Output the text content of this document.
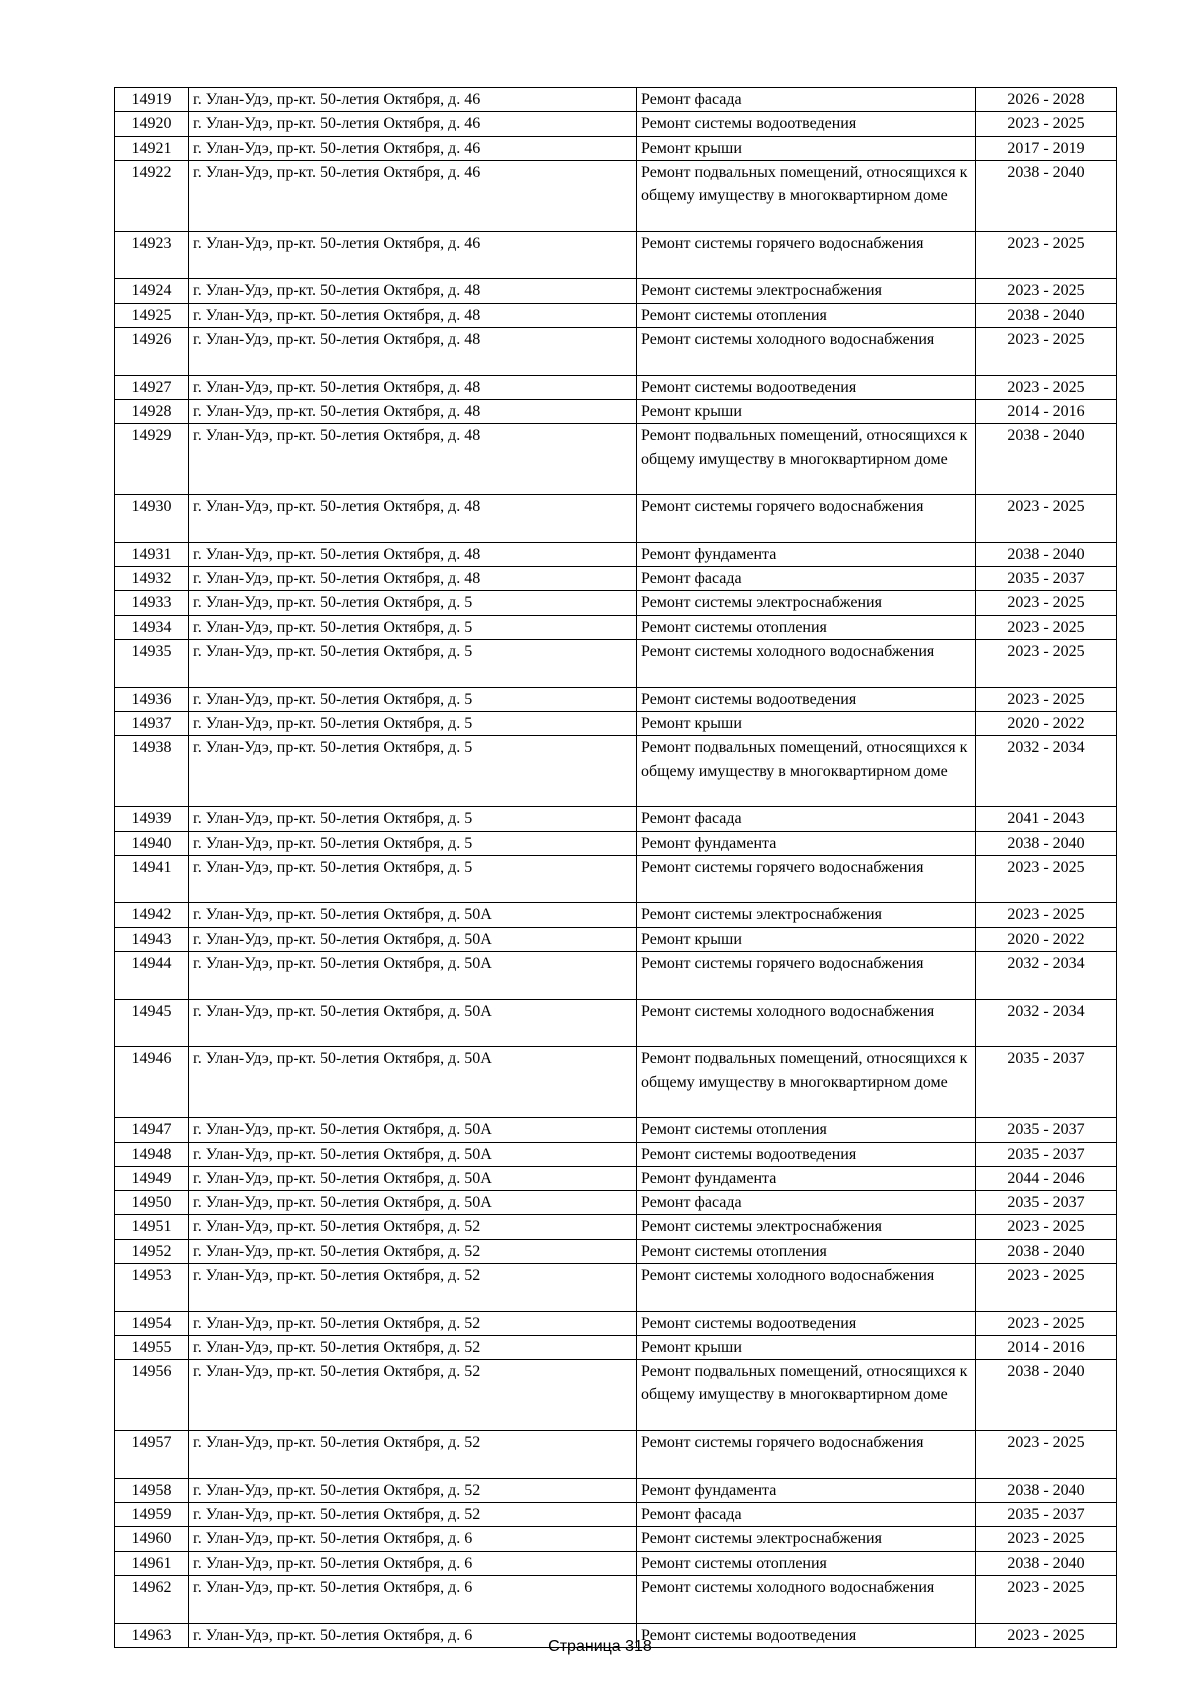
14919	г. Улан-Удэ, пр-кт. 50-летия Октября, д. 46	Ремонт фасада	2026 - 2028
14920	г. Улан-Удэ, пр-кт. 50-летия Октября, д. 46	Ремонт системы водоотведения	2023 - 2025
14921	г. Улан-Удэ, пр-кт. 50-летия Октября, д. 46	Ремонт крыши	2017 - 2019
14922	г. Улан-Удэ, пр-кт. 50-летия Октября, д. 46	Ремонт подвальных помещений, относящихся к общему имуществу в многоквартирном доме	2038 - 2040
14923	г. Улан-Удэ, пр-кт. 50-летия Октября, д. 46	Ремонт системы горячего водоснабжения	2023 - 2025
14924	г. Улан-Удэ, пр-кт. 50-летия Октября, д. 48	Ремонт системы электроснабжения	2023 - 2025
14925	г. Улан-Удэ, пр-кт. 50-летия Октября, д. 48	Ремонт системы отопления	2038 - 2040
14926	г. Улан-Удэ, пр-кт. 50-летия Октября, д. 48	Ремонт системы холодного водоснабжения	2023 - 2025
14927	г. Улан-Удэ, пр-кт. 50-летия Октября, д. 48	Ремонт системы водоотведения	2023 - 2025
14928	г. Улан-Удэ, пр-кт. 50-летия Октября, д. 48	Ремонт крыши	2014 - 2016
14929	г. Улан-Удэ, пр-кт. 50-летия Октября, д. 48	Ремонт подвальных помещений, относящихся к общему имуществу в многоквартирном доме	2038 - 2040
14930	г. Улан-Удэ, пр-кт. 50-летия Октября, д. 48	Ремонт системы горячего водоснабжения	2023 - 2025
14931	г. Улан-Удэ, пр-кт. 50-летия Октября, д. 48	Ремонт фундамента	2038 - 2040
14932	г. Улан-Удэ, пр-кт. 50-летия Октября, д. 48	Ремонт фасада	2035 - 2037
14933	г. Улан-Удэ, пр-кт. 50-летия Октября, д. 5	Ремонт системы электроснабжения	2023 - 2025
14934	г. Улан-Удэ, пр-кт. 50-летия Октября, д. 5	Ремонт системы отопления	2023 - 2025
14935	г. Улан-Удэ, пр-кт. 50-летия Октября, д. 5	Ремонт системы холодного водоснабжения	2023 - 2025
14936	г. Улан-Удэ, пр-кт. 50-летия Октября, д. 5	Ремонт системы водоотведения	2023 - 2025
14937	г. Улан-Удэ, пр-кт. 50-летия Октября, д. 5	Ремонт крыши	2020 - 2022
14938	г. Улан-Удэ, пр-кт. 50-летия Октября, д. 5	Ремонт подвальных помещений, относящихся к общему имуществу в многоквартирном доме	2032 - 2034
14939	г. Улан-Удэ, пр-кт. 50-летия Октября, д. 5	Ремонт фасада	2041 - 2043
14940	г. Улан-Удэ, пр-кт. 50-летия Октября, д. 5	Ремонт фундамента	2038 - 2040
14941	г. Улан-Удэ, пр-кт. 50-летия Октября, д. 5	Ремонт системы горячего водоснабжения	2023 - 2025
14942	г. Улан-Удэ, пр-кт. 50-летия Октября, д. 50А	Ремонт системы электроснабжения	2023 - 2025
14943	г. Улан-Удэ, пр-кт. 50-летия Октября, д. 50А	Ремонт крыши	2020 - 2022
14944	г. Улан-Удэ, пр-кт. 50-летия Октября, д. 50А	Ремонт системы горячего водоснабжения	2032 - 2034
14945	г. Улан-Удэ, пр-кт. 50-летия Октября, д. 50А	Ремонт системы холодного водоснабжения	2032 - 2034
14946	г. Улан-Удэ, пр-кт. 50-летия Октября, д. 50А	Ремонт подвальных помещений, относящихся к общему имуществу в многоквартирном доме	2035 - 2037
14947	г. Улан-Удэ, пр-кт. 50-летия Октября, д. 50А	Ремонт системы отопления	2035 - 2037
14948	г. Улан-Удэ, пр-кт. 50-летия Октября, д. 50А	Ремонт системы водоотведения	2035 - 2037
14949	г. Улан-Удэ, пр-кт. 50-летия Октября, д. 50А	Ремонт фундамента	2044 - 2046
14950	г. Улан-Удэ, пр-кт. 50-летия Октября, д. 50А	Ремонт фасада	2035 - 2037
14951	г. Улан-Удэ, пр-кт. 50-летия Октября, д. 52	Ремонт системы электроснабжения	2023 - 2025
14952	г. Улан-Удэ, пр-кт. 50-летия Октября, д. 52	Ремонт системы отопления	2038 - 2040
14953	г. Улан-Удэ, пр-кт. 50-летия Октября, д. 52	Ремонт системы холодного водоснабжения	2023 - 2025
14954	г. Улан-Удэ, пр-кт. 50-летия Октября, д. 52	Ремонт системы водоотведения	2023 - 2025
14955	г. Улан-Удэ, пр-кт. 50-летия Октября, д. 52	Ремонт крыши	2014 - 2016
14956	г. Улан-Удэ, пр-кт. 50-летия Октября, д. 52	Ремонт подвальных помещений, относящихся к общему имуществу в многоквартирном доме	2038 - 2040
14957	г. Улан-Удэ, пр-кт. 50-летия Октября, д. 52	Ремонт системы горячего водоснабжения	2023 - 2025
14958	г. Улан-Удэ, пр-кт. 50-летия Октября, д. 52	Ремонт фундамента	2038 - 2040
14959	г. Улан-Удэ, пр-кт. 50-летия Октября, д. 52	Ремонт фасада	2035 - 2037
14960	г. Улан-Удэ, пр-кт. 50-летия Октября, д. 6	Ремонт системы электроснабжения	2023 - 2025
14961	г. Улан-Удэ, пр-кт. 50-летия Октября, д. 6	Ремонт системы отопления	2038 - 2040
14962	г. Улан-Удэ, пр-кт. 50-летия Октября, д. 6	Ремонт системы холодного водоснабжения	2023 - 2025
14963	г. Улан-Удэ, пр-кт. 50-летия Октября, д. 6	Ремонт системы водоотведения	2023 - 2025
Страница 318
